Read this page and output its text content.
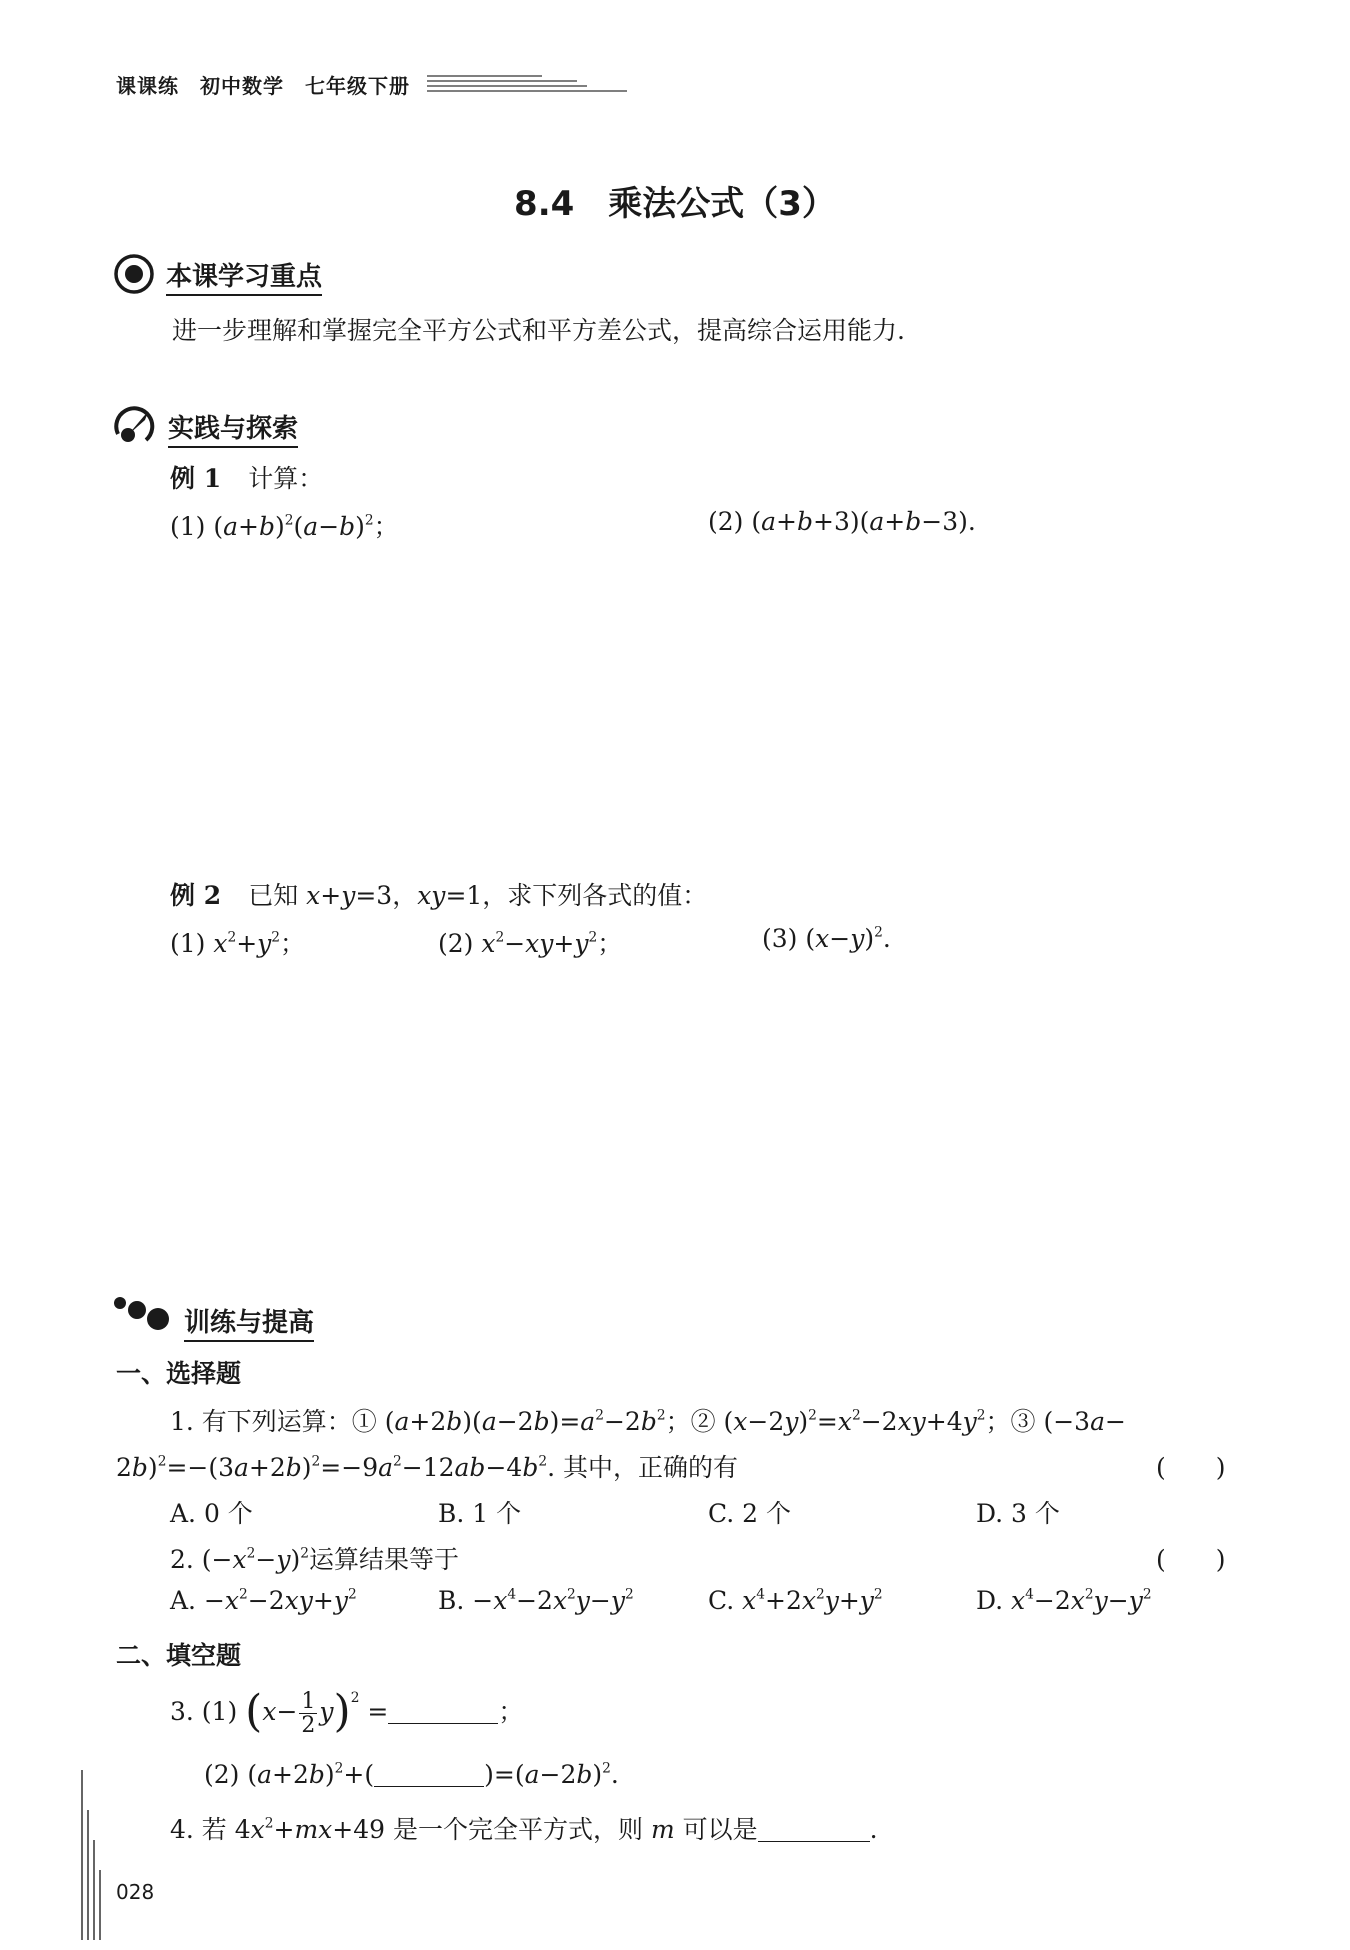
课课练　初中数学　七年级下册
8.4　乘法公式（3）
本课学习重点
进一步理解和掌握完全平方公式和平方差公式，提高综合运用能力.
实践与探索
例 1 计算：
(1) $(a+b)^2(a-b)^2$；	(2) (a+b+3)(a+b−3).
例 2 已知 x+y=3，xy=1，求下列各式的值：
(1) $x^2+y^2$；	(2) $x^2-xy+y^2$；	(3) $(x-y)^2$.
训练与提高
一、选择题
1. 有下列运算：① $(a+2b)(a-2b)=a^2-2b^2$；② $(x-2y)^2=x^2-2xy+4y^2$；③ (−3a−
$2b)^2=-(3a+2b)^2=-9a^2-12ab-4b^2$. 其中，正确的有	(　　)
A. 0 个	B. 1 个	C. 2 个	D. 3 个
2. $(-x^2-y)^2$运算结果等于	(　　)
A. $-x^2-2xy+y^2$	B. $-x^4-2x^2y-y^2$	C. $x^4+2x^2y+y^2$	D. $x^4-2x^2y-y^2$
二、填空题
3. (1) $(x- \frac{1}{2} y)^2$ =	；
(2) $(a+2b)^2+$(	)$=(a-2b)^2$.
4. 若 $4x^2+mx+49$ 是一个完全平方式，则 m 可以是	.
028
